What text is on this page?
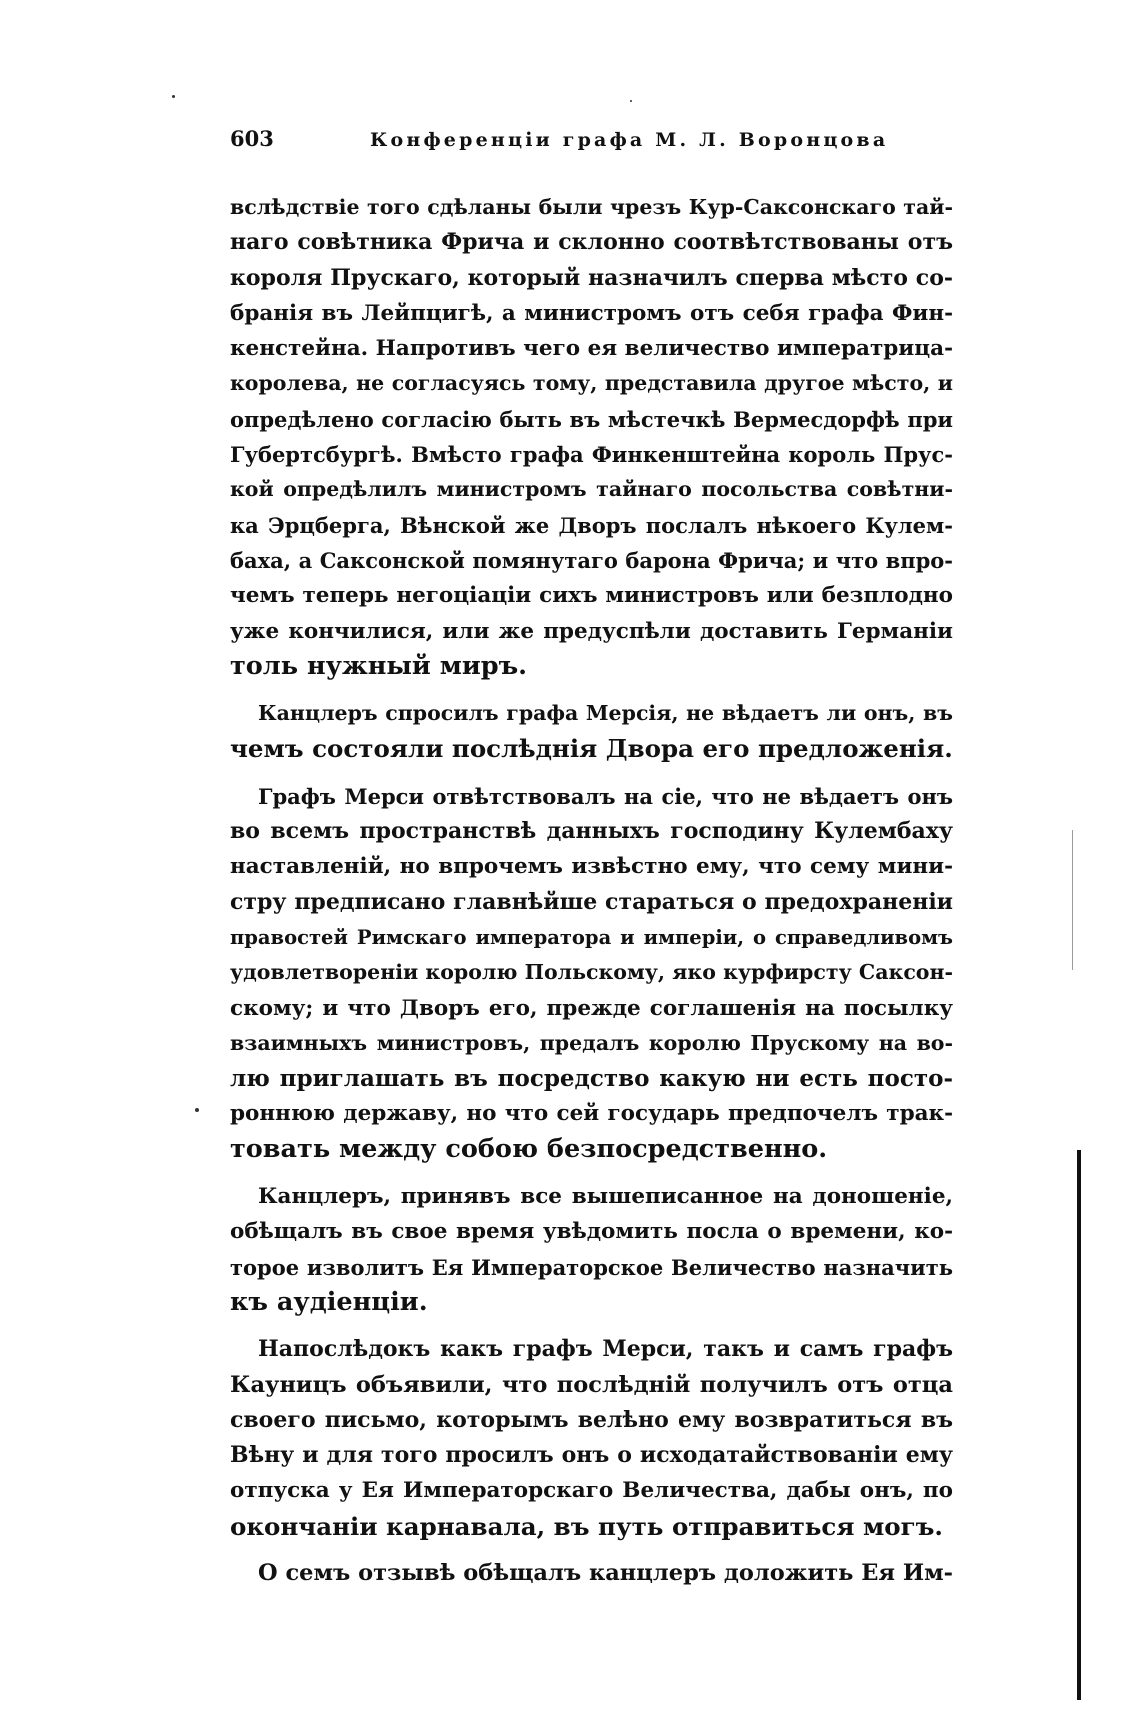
603	Конференціи графа М. Л. Воронцова
вслѣдствіе того сдѣланы были чрезъ Кур-Саксонскаго тай-
наго совѣтника Фрича и склонно соотвѣтствованы отъ
короля Прускаго, который назначилъ сперва мѣсто со-
бранія въ Лейпцигѣ, а министромъ отъ себя графа Фин-
кенстейна. Напротивъ чего ея величество императрица-
королева, не согласуясь тому, представила другое мѣсто, и
опредѣлено согласію быть въ мѣстечкѣ Вермесдорфѣ при
Губертсбургѣ. Вмѣсто графа Финкенштейна король Прус-
кой опредѣлилъ министромъ тайнаго посольства совѣтни-
ка Эрцберга, Вѣнской же Дворъ послалъ нѣкоего Кулем-
баха, а Саксонской помянутаго барона Фрича; и что впро-
чемъ теперь негоціаціи сихъ министровъ или безплодно
уже кончилися, или же предуспѣли доставить Германіи
толь нужный миръ.
Канцлеръ спросилъ графа Мерсія, не вѣдаетъ ли онъ, въ
чемъ состояли послѣднія Двора его предложенія.
Графъ Мерси отвѣтствовалъ на сіе, что не вѣдаетъ онъ
во всемъ пространствѣ данныхъ господину Кулембаху
наставленій, но впрочемъ извѣстно ему, что сему мини-
стру предписано главнѣйше стараться о предохраненіи
правостей Римскаго императора и имперіи, о справедливомъ
удовлетвореніи королю Польскому, яко курфирсту Саксон-
скому; и что Дворъ его, прежде соглашенія на посылку
взаимныхъ министровъ, предалъ королю Прускому на во-
лю приглашать въ посредство какую ни есть посто-
роннюю державу, но что сей государь предпочелъ трак-
товать между собою безпосредственно.
Канцлеръ, принявъ все вышеписанное на доношеніе,
обѣщалъ въ свое время увѣдомить посла о времени, ко-
торое изволитъ Ея Императорское Величество назначить
къ аудіенціи.
Напослѣдокъ какъ графъ Мерси, такъ и самъ графъ
Кауницъ объявили, что послѣдній получилъ отъ отца
своего письмо, которымъ велѣно ему возвратиться въ
Вѣну и для того просилъ онъ о исходатайствованіи ему
отпуска у Ея Императорскаго Величества, дабы онъ, по
окончаніи карнавала, въ путь отправиться могъ.
О семъ отзывѣ обѣщалъ канцлеръ доложить Ея Им-
